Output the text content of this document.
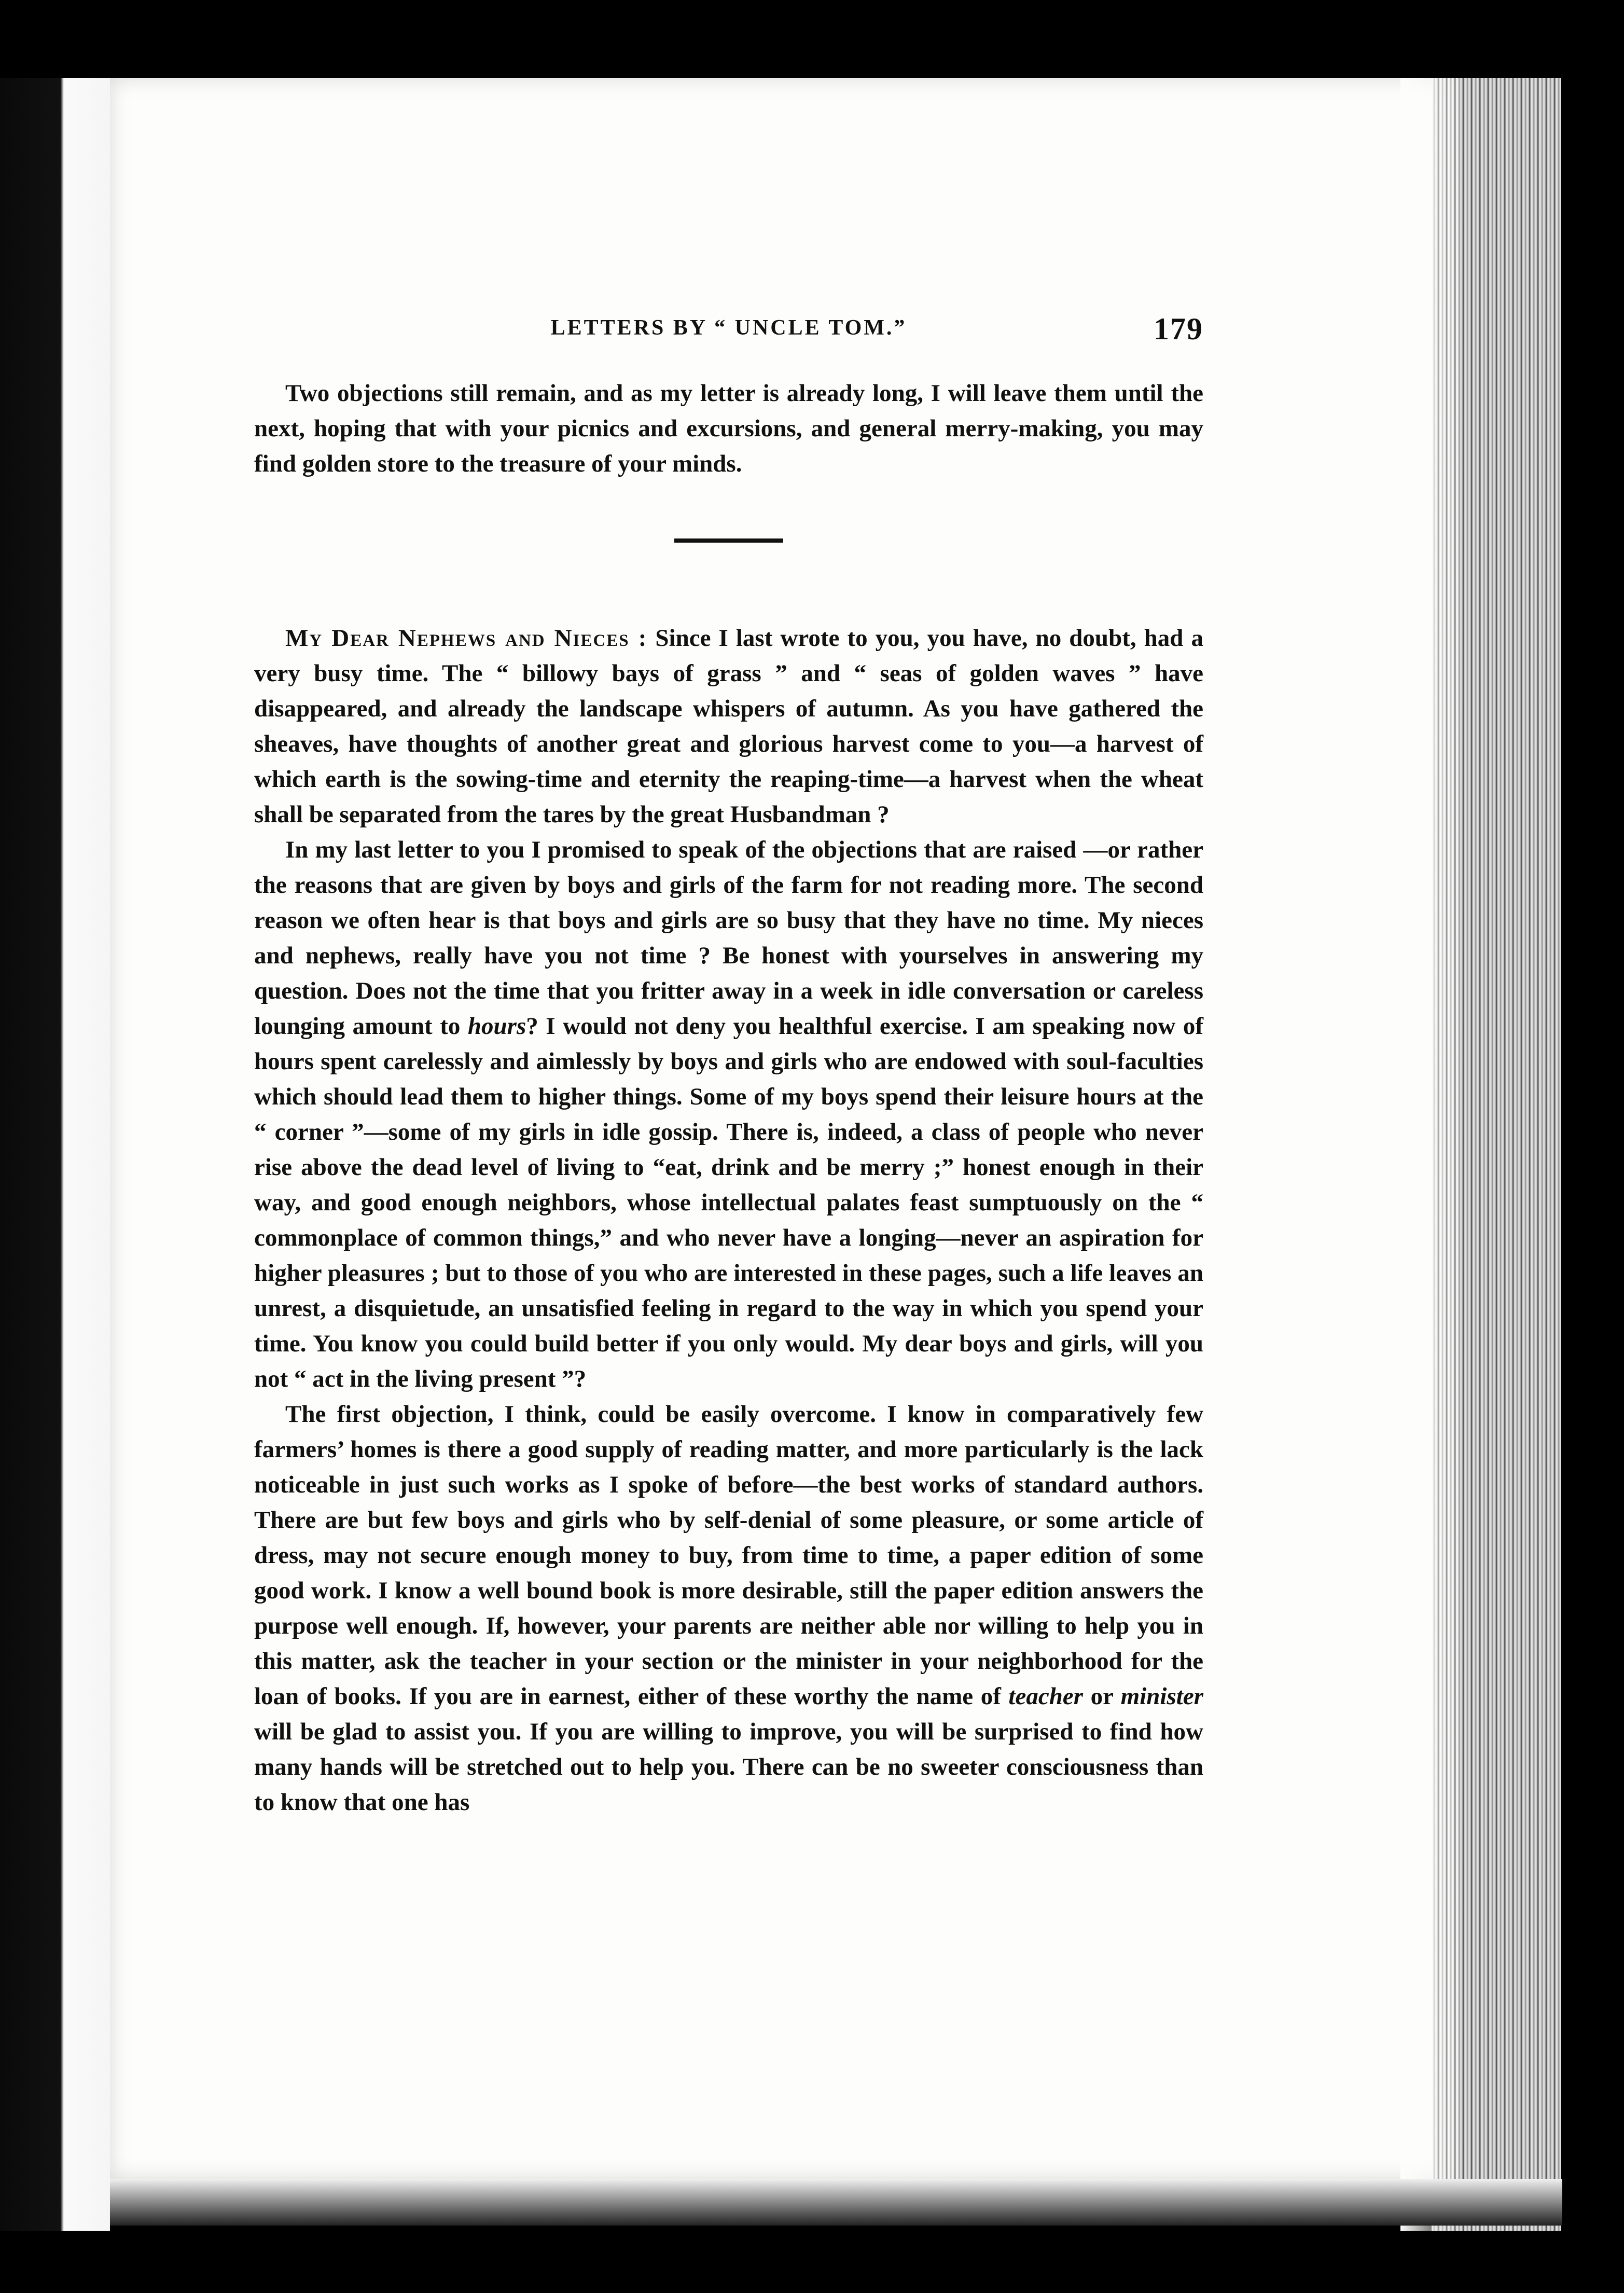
LETTERS BY “ UNCLE TOM.”	179

Two objections still remain, and as my letter is already long, I will leave them until the next, hoping that with your picnics and excursions, and general merry-making, you may find golden store to the treasure of your minds.

My Dear Nephews and Nieces : Since I last wrote to you, you have, no doubt, had a very busy time. The “ billowy bays of grass ” and “ seas of golden waves ” have disappeared, and already the landscape whispers of autumn. As you have gathered the sheaves, have thoughts of another great and glorious harvest come to you—a harvest of which earth is the sowing-time and eternity the reaping-time—a harvest when the wheat shall be separated from the tares by the great Husbandman ?

In my last letter to you I promised to speak of the objections that are raised —or rather the reasons that are given by boys and girls of the farm for not reading more. The second reason we often hear is that boys and girls are so busy that they have no time. My nieces and nephews, really have you not time ? Be honest with yourselves in answering my question. Does not the time that you fritter away in a week in idle conversation or careless lounging amount to hours? I would not deny you healthful exercise. I am speaking now of hours spent carelessly and aimlessly by boys and girls who are endowed with soul-faculties which should lead them to higher things. Some of my boys spend their leisure hours at the “ corner ”—some of my girls in idle gossip. There is, indeed, a class of people who never rise above the dead level of living to “eat, drink and be merry ;” honest enough in their way, and good enough neighbors, whose intellectual palates feast sumptuously on the “ commonplace of common things,” and who never have a longing—never an aspiration for higher pleasures ; but to those of you who are interested in these pages, such a life leaves an unrest, a disquietude, an unsatisfied feeling in regard to the way in which you spend your time. You know you could build better if you only would. My dear boys and girls, will you not “ act in the living present ”?

The first objection, I think, could be easily overcome. I know in comparatively few farmers’ homes is there a good supply of reading matter, and more particularly is the lack noticeable in just such works as I spoke of before—the best works of standard authors. There are but few boys and girls who by self-denial of some pleasure, or some article of dress, may not secure enough money to buy, from time to time, a paper edition of some good work. I know a well bound book is more desirable, still the paper edition answers the purpose well enough. If, however, your parents are neither able nor willing to help you in this matter, ask the teacher in your section or the minister in your neighborhood for the loan of books. If you are in earnest, either of these worthy the name of teacher or minister will be glad to assist you. If you are willing to improve, you will be surprised to find how many hands will be stretched out to help you. There can be no sweeter consciousness than to know that one has
